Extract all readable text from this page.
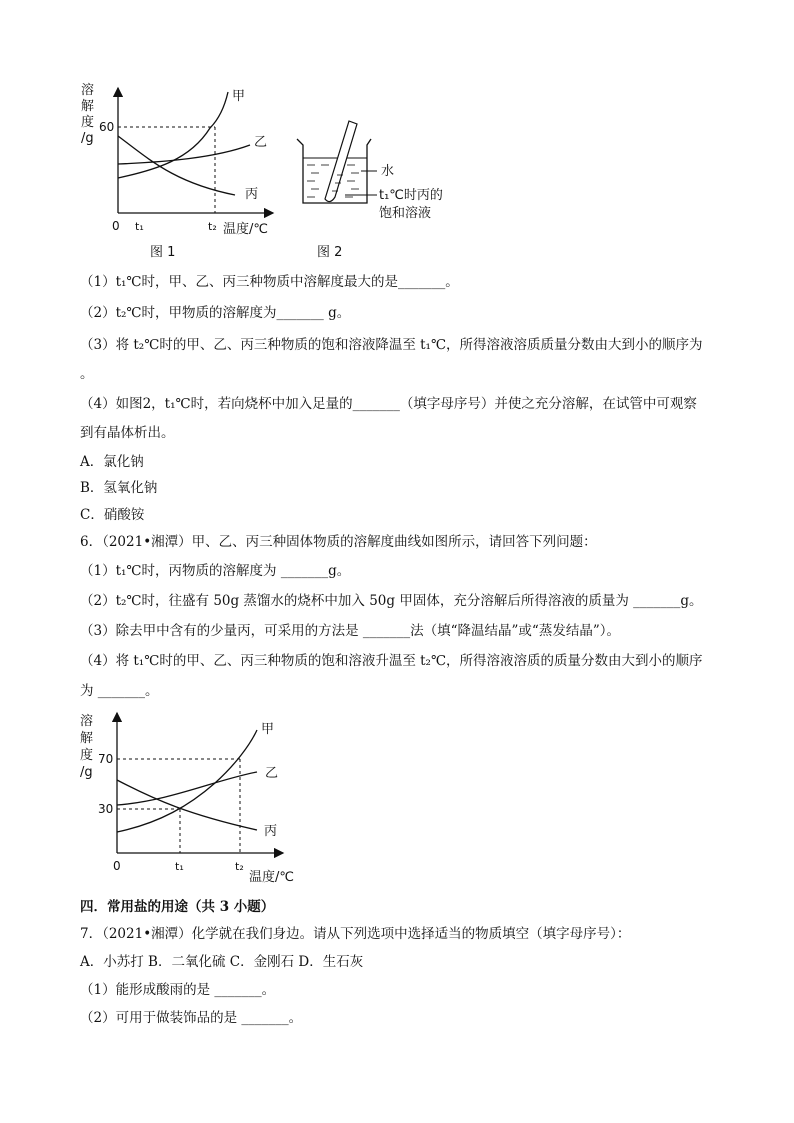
溶
解
度
/g
60
0 t₁	t₂ 温度/℃
甲
乙
丙
图 1
水
t₁℃时丙的
饱和溶液
图 2
（1）t₁℃时，甲、乙、丙三种物质中溶解度最大的是_______。
（2）t₂℃时，甲物质的溶解度为_______ g。
（3）将 t₂℃时的甲、乙、丙三种物质的饱和溶液降温至 t₁℃，所得溶液溶质质量分数由大到小的顺序为
。
（4）如图2，t₁℃时，若向烧杯中加入足量的_______（填字母序号）并使之充分溶解，在试管中可观察
到有晶体析出。
A．氯化钠
B．氢氧化钠
C．硝酸铵
6．（2021•湘潭）甲、乙、丙三种固体物质的溶解度曲线如图所示，请回答下列问题：
（1）t₁℃时，丙物质的溶解度为 _______g。
（2）t₂℃时，往盛有 50g 蒸馏水的烧杯中加入 50g 甲固体，充分溶解后所得溶液的质量为 _______g。
（3）除去甲中含有的少量丙，可采用的方法是 _______法（填“降温结晶”或“蒸发结晶”）。
（4）将 t₁℃时的甲、乙、丙三种物质的饱和溶液升温至 t₂℃，所得溶液溶质的质量分数由大到小的顺序
为 _______。
溶
解
度
/g
70
30
0	t₁	t₂
温度/℃
甲
乙
丙
四．常用盐的用途（共 3 小题）
7．（2021•湘潭）化学就在我们身边。请从下列选项中选择适当的物质填空（填字母序号）：
A．小苏打 B．二氧化硫 C．金刚石 D．生石灰
（1）能形成酸雨的是 _______。
（2）可用于做装饰品的是 _______。
